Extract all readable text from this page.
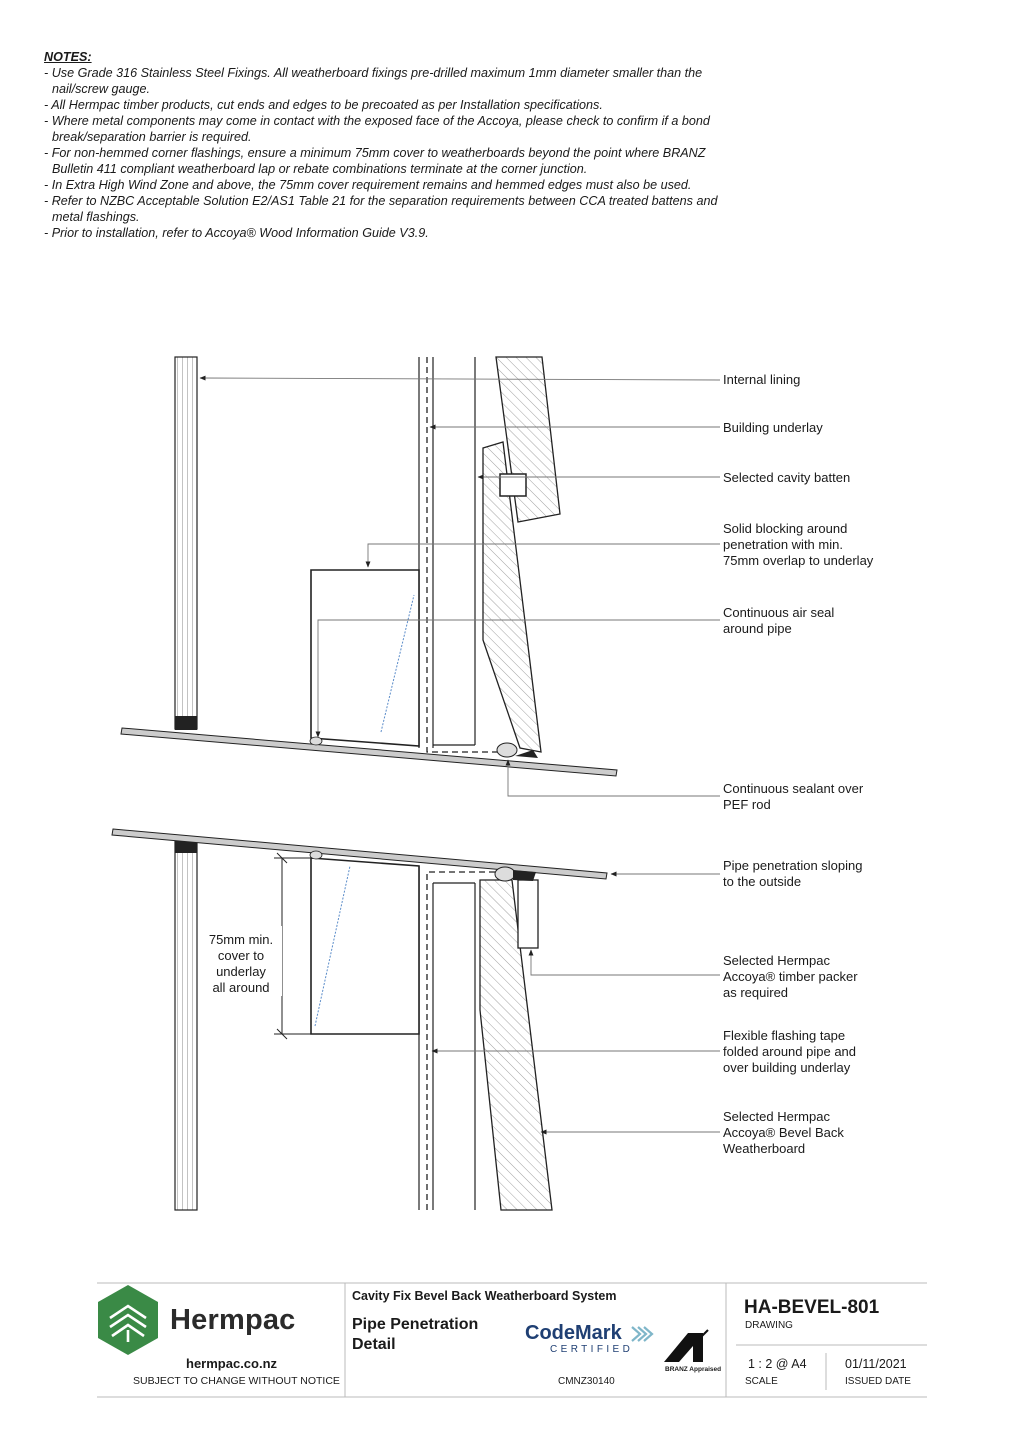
NOTES:

- Use Grade 316 Stainless Steel Fixings. All weatherboard fixings pre-drilled maximum 1mm diameter smaller than the nail/screw gauge.

- All Hermpac timber products, cut ends and edges to be precoated as per Installation specifications.

- Where metal components may come in contact with the exposed face of the Accoya, please check to confirm if a bond break/separation barrier is required.

- For non-hemmed corner flashings, ensure a minimum 75mm cover to weatherboards beyond the point where BRANZ Bulletin 411 compliant weatherboard lap or rebate combinations terminate at the corner junction.

- In Extra High Wind Zone and above, the 75mm cover requirement remains and hemmed edges must also be used.

- Refer to NZBC Acceptable Solution E2/AS1 Table 21 for the separation requirements between CCA treated battens and metal flashings.

- Prior to installation, refer to Accoya® Wood Information Guide V3.9.

75mm min.
cover to
underlay
all around
Internal lining
Building underlay
Selected cavity batten
Solid blocking around
penetration with min.
75mm overlap to underlay
Continuous air seal
around pipe
Continuous sealant over
PEF rod
Pipe penetration sloping
to the outside
Selected Hermpac
Accoya® timber packer
as required
Flexible flashing tape
folded around pipe and
over building underlay
Selected Hermpac
Accoya® Bevel Back
Weatherboard
Hermpac
hermpac.co.nz
SUBJECT TO CHANGE WITHOUT NOTICE
Cavity Fix Bevel Back Weatherboard System
Pipe Penetration
Detail
CodeMark
CERTIFIED
CMNZ30140
BRANZ Appraised
HA-BEVEL-801
DRAWING
1 : 2 @ A4
SCALE
01/11/2021
ISSUED DATE
